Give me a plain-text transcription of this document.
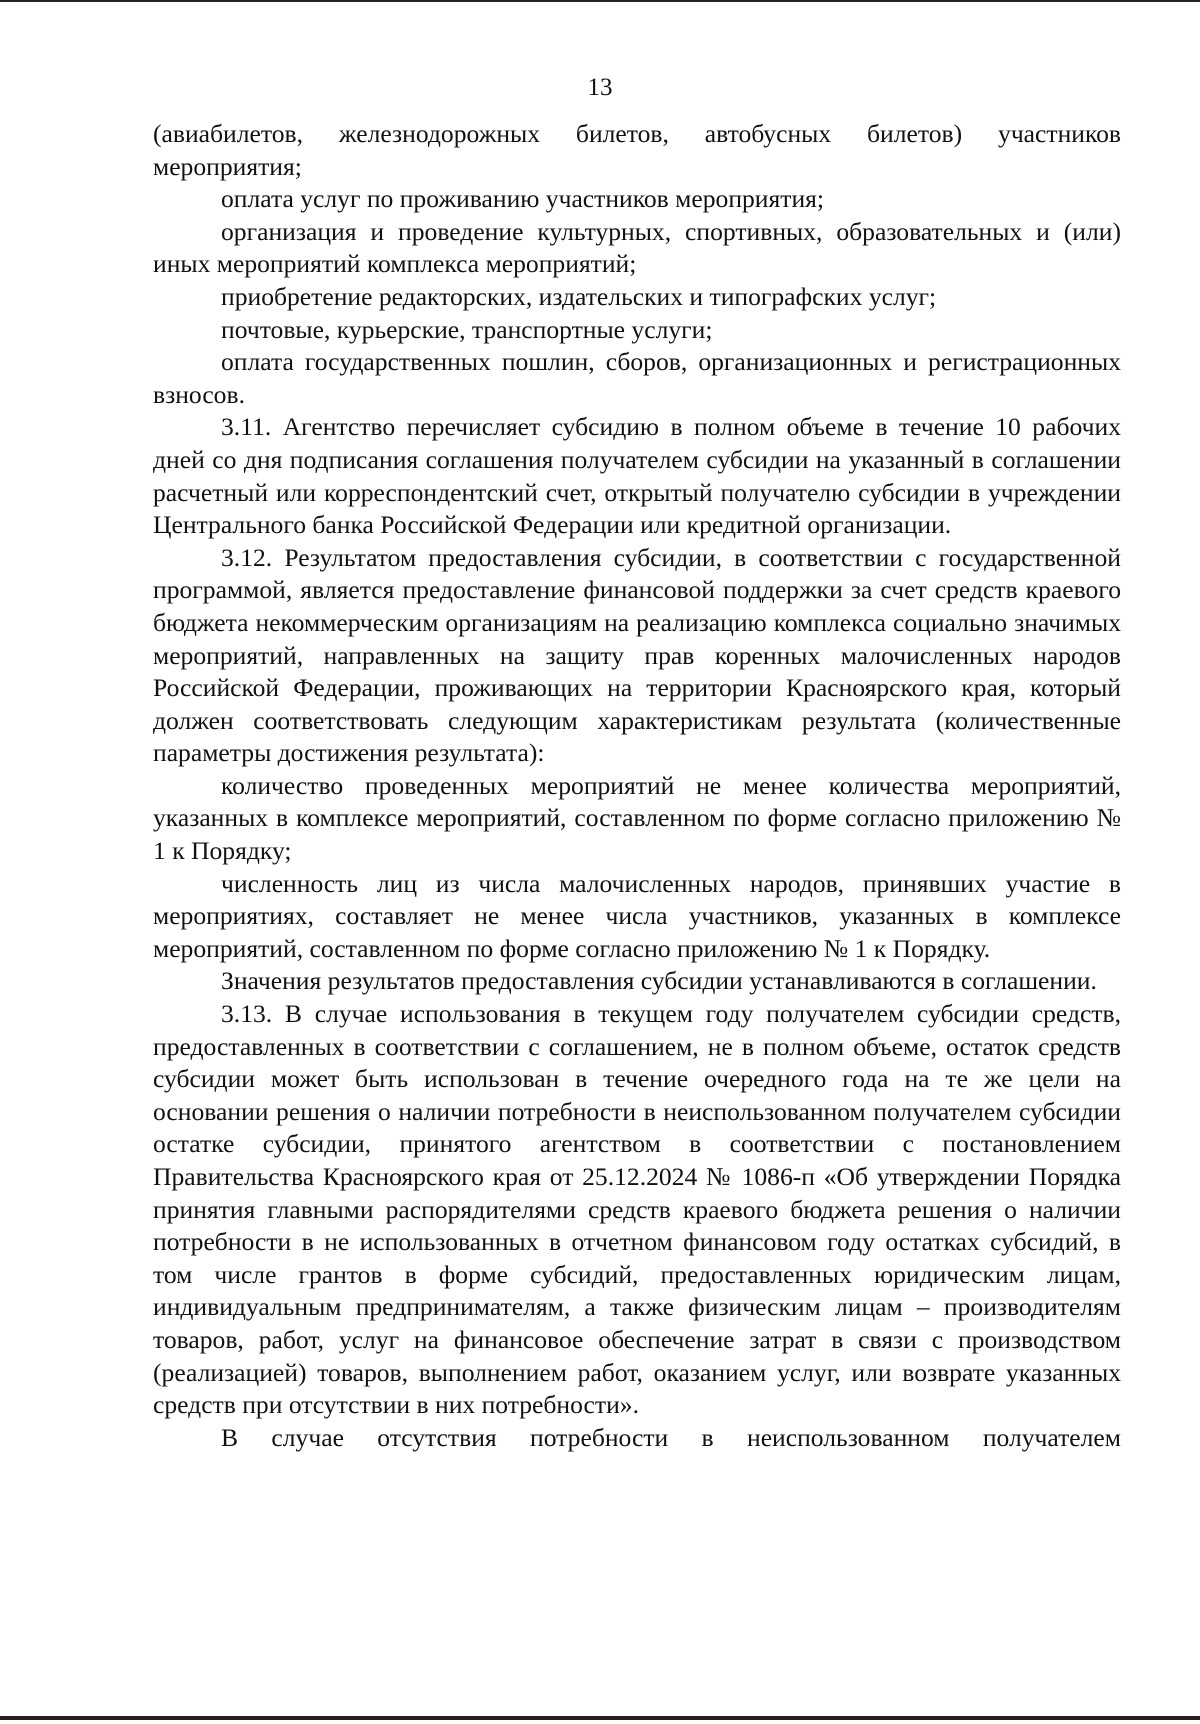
13

(авиабилетов, железнодорожных билетов, автобусных билетов) участников мероприятия;

оплата услуг по проживанию участников мероприятия;

организация и проведение культурных, спортивных, образовательных и (или) иных мероприятий комплекса мероприятий;

приобретение редакторских, издательских и типографских услуг;

почтовые, курьерские, транспортные услуги;

оплата государственных пошлин, сборов, организационных и регистрационных взносов.

3.11. Агентство перечисляет субсидию в полном объеме в течение 10 рабочих дней со дня подписания соглашения получателем субсидии на указанный в соглашении расчетный или корреспондентский счет, открытый получателю субсидии в учреждении Центрального банка Российской Федерации или кредитной организации.

3.12. Результатом предоставления субсидии, в соответствии с государственной программой, является предоставление финансовой поддержки за счет средств краевого бюджета некоммерческим организациям на реализацию комплекса социально значимых мероприятий, направленных на защиту прав коренных малочисленных народов Российской Федерации, проживающих на территории Красноярского края, который должен соответствовать следующим характеристикам результата (количественные параметры достижения результата):

количество проведенных мероприятий не менее количества мероприятий, указанных в комплексе мероприятий, составленном по форме согласно приложению № 1 к Порядку;

численность лиц из числа малочисленных народов, принявших участие в мероприятиях, составляет не менее числа участников, указанных в комплексе мероприятий, составленном по форме согласно приложению № 1 к Порядку.

Значения результатов предоставления субсидии устанавливаются в соглашении.

3.13. В случае использования в текущем году получателем субсидии средств, предоставленных в соответствии с соглашением, не в полном объеме, остаток средств субсидии может быть использован в течение очередного года на те же цели на основании решения о наличии потребности в неиспользованном получателем субсидии остатке субсидии, принятого агентством в соответствии с постановлением Правительства Красноярского края от 25.12.2024 № 1086-п «Об утверждении Порядка принятия главными распорядителями средств краевого бюджета решения о наличии потребности в не использованных в отчетном финансовом году остатках субсидий, в том числе грантов в форме субсидий, предоставленных юридическим лицам, индивидуальным предпринимателям, а также физическим лицам – производителям товаров, работ, услуг на финансовое обеспечение затрат в связи с производством (реализацией) товаров, выполнением работ, оказанием услуг, или возврате указанных средств при отсутствии в них потребности».

В случае отсутствия потребности в неиспользованном получателем
